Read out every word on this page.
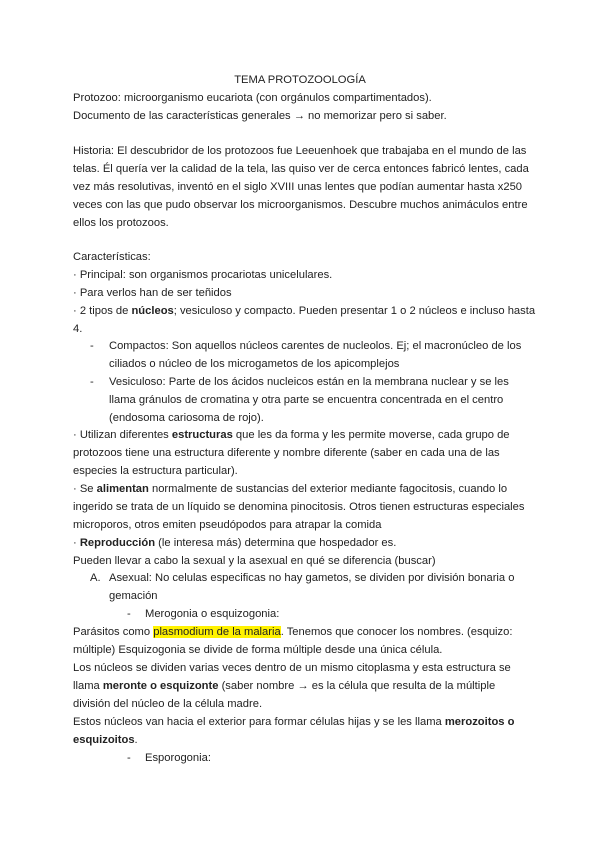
TEMA PROTOZOOLOGÍA
Protozoo: microorganismo eucariota (con orgánulos compartimentados).
Documento de las características generales → no memorizar pero si saber.
Historia: El descubridor de los protozoos fue Leeuenhoek que trabajaba en el mundo de las
telas. Él quería ver la calidad de la tela, las quiso ver de cerca entonces fabricó lentes, cada
vez más resolutivas, inventó en el siglo XVIII unas lentes que podían aumentar hasta x250
veces con las que pudo observar los microorganismos. Descubre muchos animáculos entre
ellos los protozoos.
Características:
· Principal: son organismos procariotas unicelulares.
· Para verlos han de ser teñidos
· 2 tipos de núcleos; vesiculoso y compacto. Pueden presentar 1 o 2 núcleos e incluso hasta
4.
- Compactos: Son aquellos núcleos carentes de nucleolos. Ej; el macronúcleo de los
ciliados o núcleo de los microgametos de los apicomplejos
- Vesiculoso: Parte de los ácidos nucleicos están en la membrana nuclear y se les
llama gránulos de cromatina y otra parte se encuentra concentrada en el centro
(endosoma cariosoma de rojo).
· Utilizan diferentes estructuras que les da forma y les permite moverse, cada grupo de
protozoos tiene una estructura diferente y nombre diferente (saber en cada una de las
especies la estructura particular).
· Se alimentan normalmente de sustancias del exterior mediante fagocitosis, cuando lo
ingerido se trata de un líquido se denomina pinocitosis. Otros tienen estructuras especiales
microporos, otros emiten pseudópodos para atrapar la comida
· Reproducción (le interesa más) determina que hospedador es.
Pueden llevar a cabo la sexual y la asexual en qué se diferencia (buscar)
A. Asexual: No celulas especificas no hay gametos, se dividen por división bonaria o
gemación
- Merogonia o esquizogonia:
Parásitos como plasmodium de la malaria. Tenemos que conocer los nombres. (esquizo:
múltiple) Esquizogonia se divide de forma múltiple desde una única célula.
Los núcleos se dividen varias veces dentro de un mismo citoplasma y esta estructura se
llama meronte o esquizonte (saber nombre → es la célula que resulta de la múltiple
división del núcleo de la célula madre.
Estos núcleos van hacia el exterior para formar células hijas y se les llama merozoitos o
esquizoitos.
- Esporogonia:
